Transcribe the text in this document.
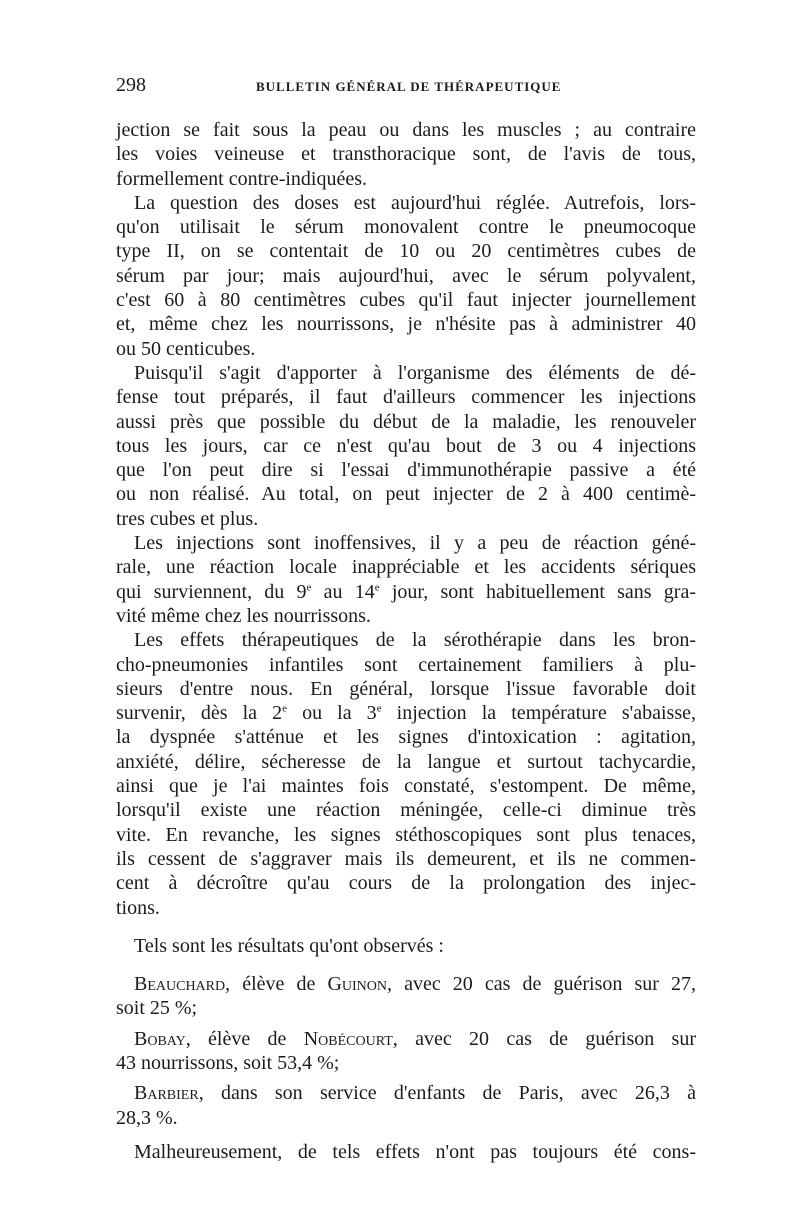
298	BULLETIN GÉNÉRAL DE THÉRAPEUTIQUE

jection se fait sous la peau ou dans les muscles ; au contraire
les voies veineuse et transthoracique sont, de l'avis de tous,
formellement contre-indiquées.

La question des doses est aujourd'hui réglée. Autrefois, lors-
qu'on utilisait le sérum monovalent contre le pneumocoque
type II, on se contentait de 10 ou 20 centimètres cubes de
sérum par jour; mais aujourd'hui, avec le sérum polyvalent,
c'est 60 à 80 centimètres cubes qu'il faut injecter journellement
et, même chez les nourrissons, je n'hésite pas à administrer 40
ou 50 centicubes.

Puisqu'il s'agit d'apporter à l'organisme des éléments de dé-
fense tout préparés, il faut d'ailleurs commencer les injections
aussi près que possible du début de la maladie, les renouveler
tous les jours, car ce n'est qu'au bout de 3 ou 4 injections
que l'on peut dire si l'essai d'immunothérapie passive a été
ou non réalisé. Au total, on peut injecter de 2 à 400 centimè-
tres cubes et plus.

Les injections sont inoffensives, il y a peu de réaction géné-
rale, une réaction locale inappréciable et les accidents sériques
qui surviennent, du 9e au 14e jour, sont habituellement sans gra-
vité même chez les nourrissons.

Les effets thérapeutiques de la sérothérapie dans les bron-
cho-pneumonies infantiles sont certainement familiers à plu-
sieurs d'entre nous. En général, lorsque l'issue favorable doit
survenir, dès la 2e ou la 3e injection la température s'abaisse,
la dyspnée s'atténue et les signes d'intoxication : agitation,
anxiété, délire, sécheresse de la langue et surtout tachycardie,
ainsi que je l'ai maintes fois constaté, s'estompent. De même,
lorsqu'il existe une réaction méningée, celle-ci diminue très
vite. En revanche, les signes stéthoscopiques sont plus tenaces,
ils cessent de s'aggraver mais ils demeurent, et ils ne commen-
cent à décroître qu'au cours de la prolongation des injec-
tions.

Tels sont les résultats qu'ont observés :

Beauchard, élève de Guinon, avec 20 cas de guérison sur 27,
soit 25 %;

Bobay, élève de Nobécourt, avec 20 cas de guérison sur
43 nourrissons, soit 53,4 %;

Barbier, dans son service d'enfants de Paris, avec 26,3 à
28,3 %.

Malheureusement, de tels effets n'ont pas toujours été cons-
